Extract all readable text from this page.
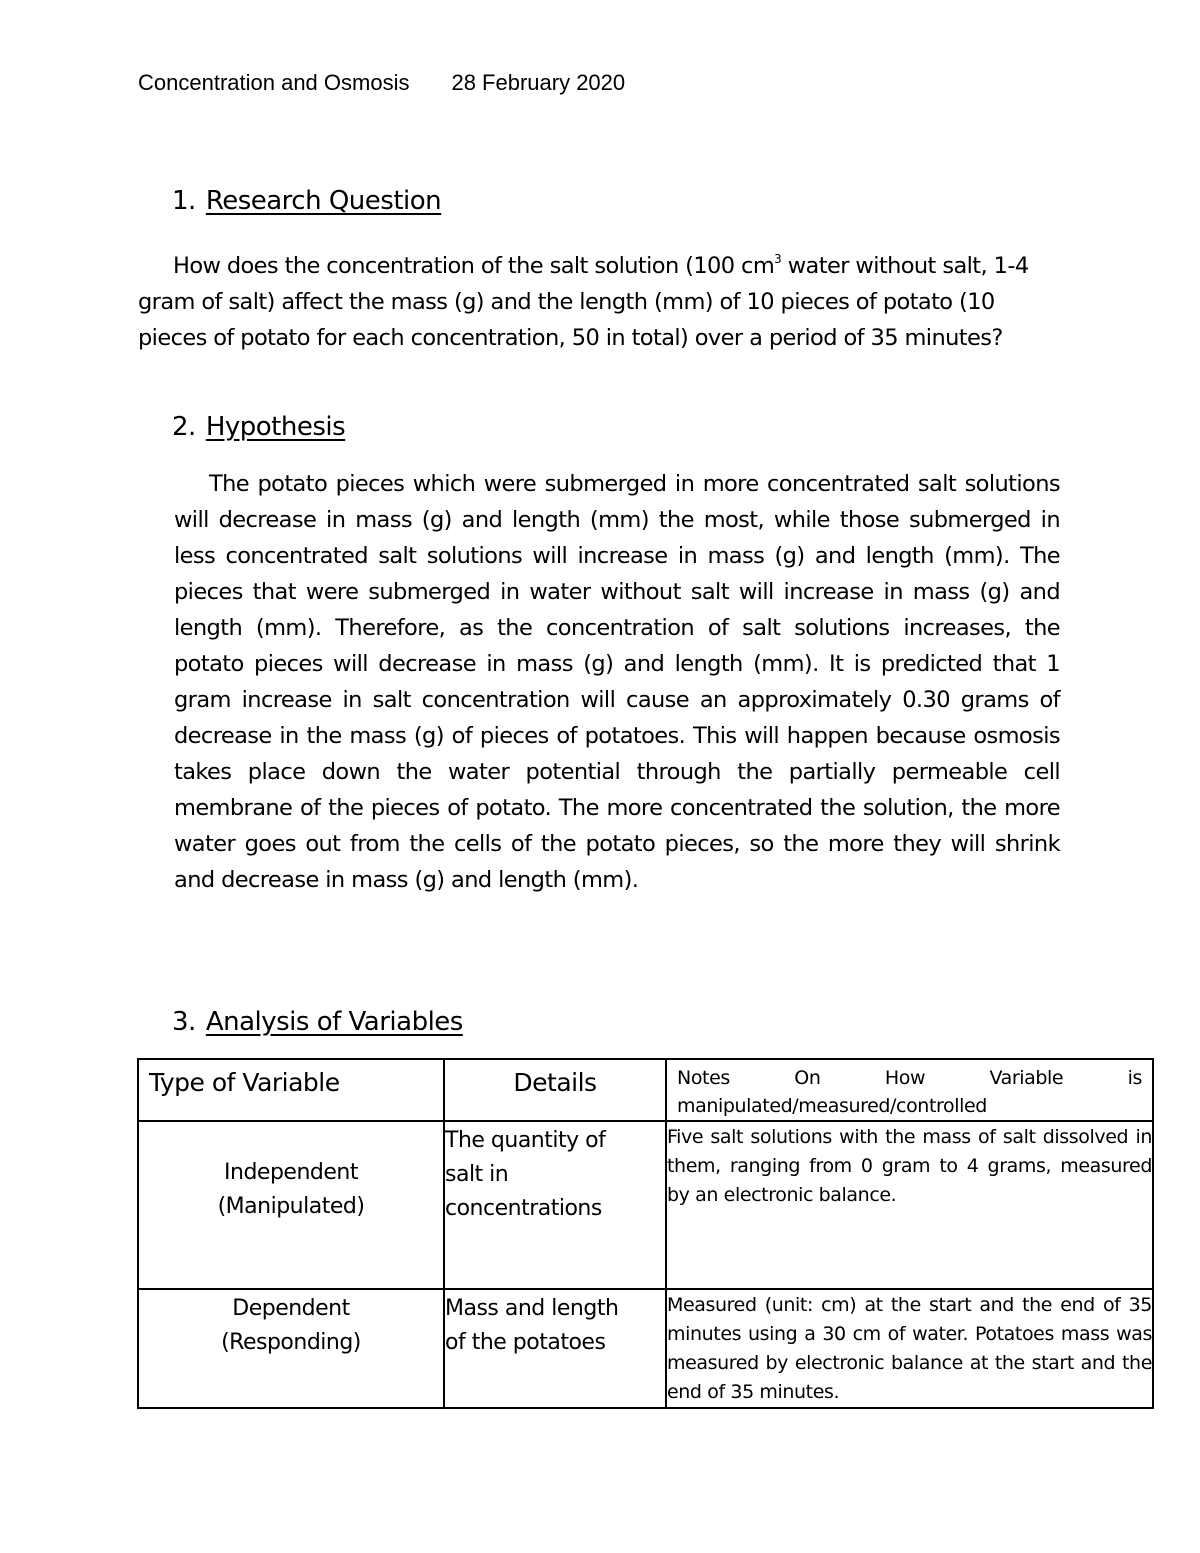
Concentration and Osmosis 28 February 2020
1. Research Question
How does the concentration of the salt solution (100 $cm^3$ water without salt, 1-4 gram of salt) affect the mass (g) and the length (mm) of 10 pieces of potato (10 pieces of potato for each concentration, 50 in total) over a period of 35 minutes?
2. Hypothesis
The potato pieces which were submerged in more concentrated salt solutions will decrease in mass (g) and length (mm) the most, while those submerged in less concentrated salt solutions will increase in mass (g) and length (mm). The pieces that were submerged in water without salt will increase in mass (g) and length (mm). Therefore, as the concentration of salt solutions increases, the potato pieces will decrease in mass (g) and length (mm). It is predicted that 1 gram increase in salt concentration will cause an approximately 0.30 grams of decrease in the mass (g) of pieces of potatoes. This will happen because osmosis takes place down the water potential through the partially permeable cell membrane of the pieces of potato. The more concentrated the solution, the more water goes out from the cells of the potato pieces, so the more they will shrink and decrease in mass (g) and length (mm).
3. Analysis of Variables
Type of Variable	Details	Notes On How Variable is
manipulated/measured/controlled

Independent
(Manipulated)	The quantity of salt in concentrations	Five salt solutions with the mass of salt dissolved in them, ranging from 0 gram to 4 grams, measured by an electronic balance.

Dependent
(Responding)	Mass and length of the potatoes	Measured (unit: cm) at the start and the end of 35 minutes using a 30 cm of water. Potatoes mass was measured by electronic balance at the start and the end of 35 minutes.
